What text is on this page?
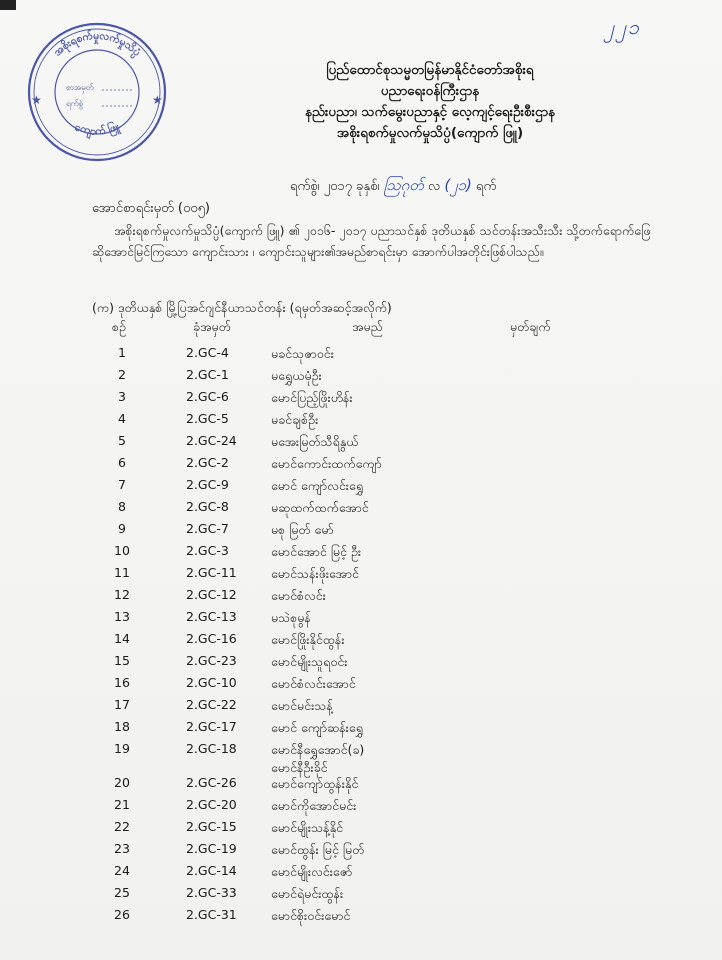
၂၂၁
အစိုးရစက်မှုလက်မှုသိပ္ပံ
ကျောက် ဖြူ
★	★
စာအမှတ်
ရက်စွဲ
ပြည်ထောင်စုသမ္မတမြန်မာနိုင်ငံတော်အစိုးရ
ပညာရေးဝန်ကြီးဌာန
နည်းပညာ၊ သက်မွေးပညာနှင့် လေ့ကျင့်ရေးဦးစီးဌာန
အစိုးရစက်မှုလက်မှုသိပ္ပံ(ကျောက် ဖြူ)
ရက်စွဲ၊ ၂၀၁၇ ခုနှစ်၊ ဩဂုတ် လ (၂၁) ရက်
အောင်စာရင်းမှတ် (၀၀၅)
အစိုးရစက်မှုလက်မှုသိပ္ပံ(ကျောက် ဖြူ) ၏ ၂၀၁၆- ၂၀၁၇ ပညာသင်နှစ် ဒုတိယနှစ် သင်တန်းအသီးသီး သို့တက်ရောက်ဖြေဆိုအောင်မြင်ကြသော ကျောင်းသား ၊ ကျောင်းသူများ၏အမည်စာရင်းမှာ အောက်ပါအတိုင်းဖြစ်ပါသည်။
(က) ဒုတိယနှစ် မြို့ပြအင်ဂျင်နီယာသင်တန်း (ရမှတ်အဆင့်အလိုက်)
စဉ်	ခုံအမှတ်	အမည်	မှတ်ချက်
1	2.GC-4	မခင်သုဇာဝင်း
2	2.GC-1	မရွှေယမုံဦး
3	2.GC-6	မောင်ပြည့်ဖြိုးဟိန်း
4	2.GC-5	မခင်ချစ်ဦး
5	2.GC-24	မအေးမြတ်သီရိနွယ်
6	2.GC-2	မောင်ကောင်းထက်ကျော်
7	2.GC-9	မောင် ကျော်လင်းရွှေ
8	2.GC-8	မဆုထက်ထက်အောင်
9	2.GC-7	မစု မြတ် မော်
10	2.GC-3	မောင်အောင် မြင့် ဦး
11	2.GC-11	မောင်သန်းဖိုးအောင်
12	2.GC-12	မောင်စံလင်း
13	2.GC-13	မသဲစုမွန်
14	2.GC-16	မောင်ဖြိုးနိုင်ထွန်း
15	2.GC-23	မောင်မျိုးသူရဝင်း
16	2.GC-10	မောင်စံလင်းအောင်
17	2.GC-22	မောင်မင်းသန့်
18	2.GC-17	မောင် ကျော်ဆန်းရွှေ
19	2.GC-18	မောင်နီရွှေအောင်(ခ)
မောင်နီဦးခိုင်
20	2.GC-26	မောင်ကျော်ထွန်းနိုင်
21	2.GC-20	မောင်ကိုအောင်မင်း
22	2.GC-15	မောင်မျိုးသန့်နိုင်
23	2.GC-19	မောင်ထွန်း မြင့် မြတ်
24	2.GC-14	မောင်မျိုးလင်းဇော်
25	2.GC-33	မောင်ရဲမင်းထွန်း
26	2.GC-31	မောင်စိုးဝင်းမောင်
